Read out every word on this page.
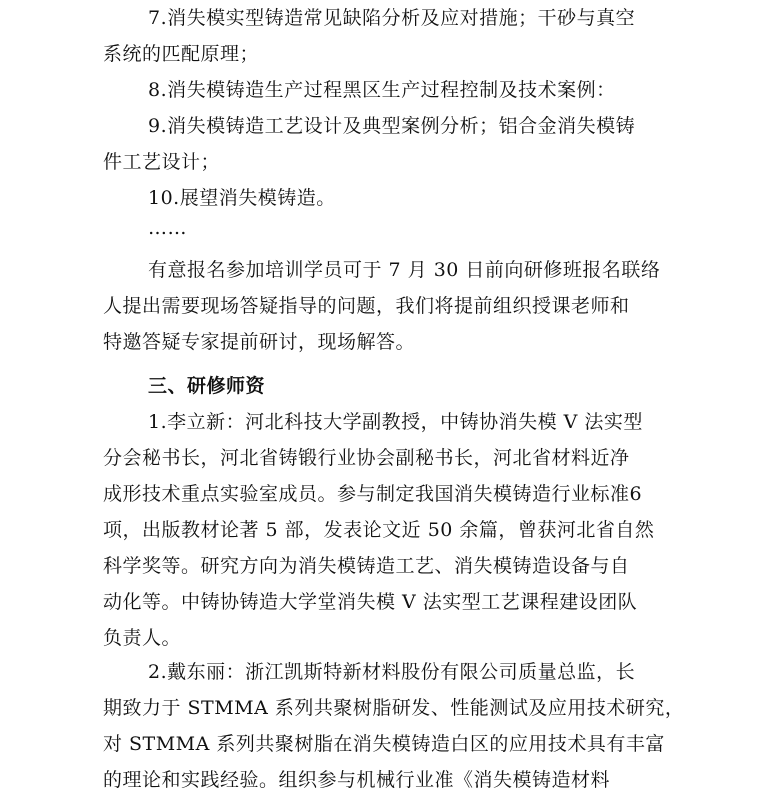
7.消失模实型铸造常见缺陷分析及应对措施；干砂与真空
系统的匹配原理；
8.消失模铸造生产过程黑区生产过程控制及技术案例：
9.消失模铸造工艺设计及典型案例分析；铝合金消失模铸
件工艺设计；
10.展望消失模铸造。
……
有意报名参加培训学员可于 7 月 30 日前向研修班报名联络
人提出需要现场答疑指导的问题，我们将提前组织授课老师和
特邀答疑专家提前研讨，现场解答。
三、研修师资
1.李立新：河北科技大学副教授，中铸协消失模 V 法实型
分会秘书长，河北省铸锻行业协会副秘书长，河北省材料近净
成形技术重点实验室成员。参与制定我国消失模铸造行业标准6
项，出版教材论著 5 部，发表论文近 50 余篇，曾获河北省自然
科学奖等。研究方向为消失模铸造工艺、消失模铸造设备与自
动化等。中铸协铸造大学堂消失模 V 法实型工艺课程建设团队
负责人。
2.戴东丽：浙江凯斯特新材料股份有限公司质量总监，长
期致力于 STMMA 系列共聚树脂研发、性能测试及应用技术研究，
对 STMMA 系列共聚树脂在消失模铸造白区的应用技术具有丰富
的理论和实践经验。组织参与机械行业准《消失模铸造材料
